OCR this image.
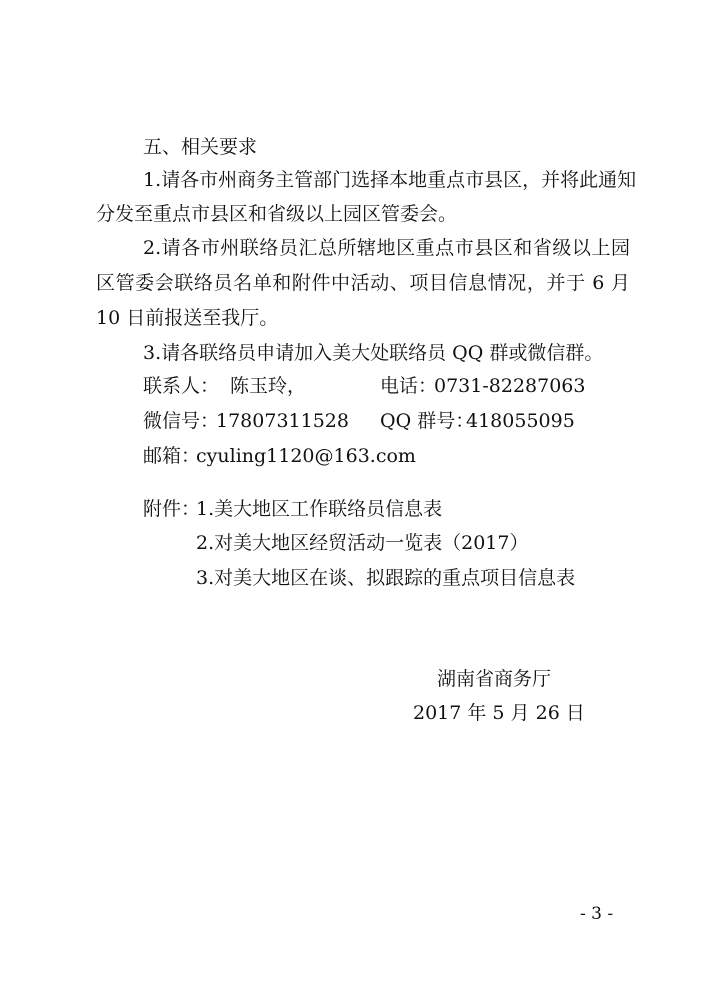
五、相关要求
1.请各市州商务主管部门选择本地重点市县区，并将此通知
分发至重点市县区和省级以上园区管委会。
2.请各市州联络员汇总所辖地区重点市县区和省级以上园
区管委会联络员名单和附件中活动、项目信息情况，并于 6 月
10 日前报送至我厅。
3.请各联络员申请加入美大处联络员 QQ 群或微信群。
联系人： 陈玉玲，	电话：
0731-82287063
微信号：
17807311528 QQ 群号：
418055095
邮箱：
cyuling1120@163.com
附件：
1.美大地区工作联络员信息表
2.对美大地区经贸活动一览表（2017）
3.对美大地区在谈、拟跟踪的重点项目信息表
湖南省商务厅
2017 年 5 月 26 日
- 3 -
